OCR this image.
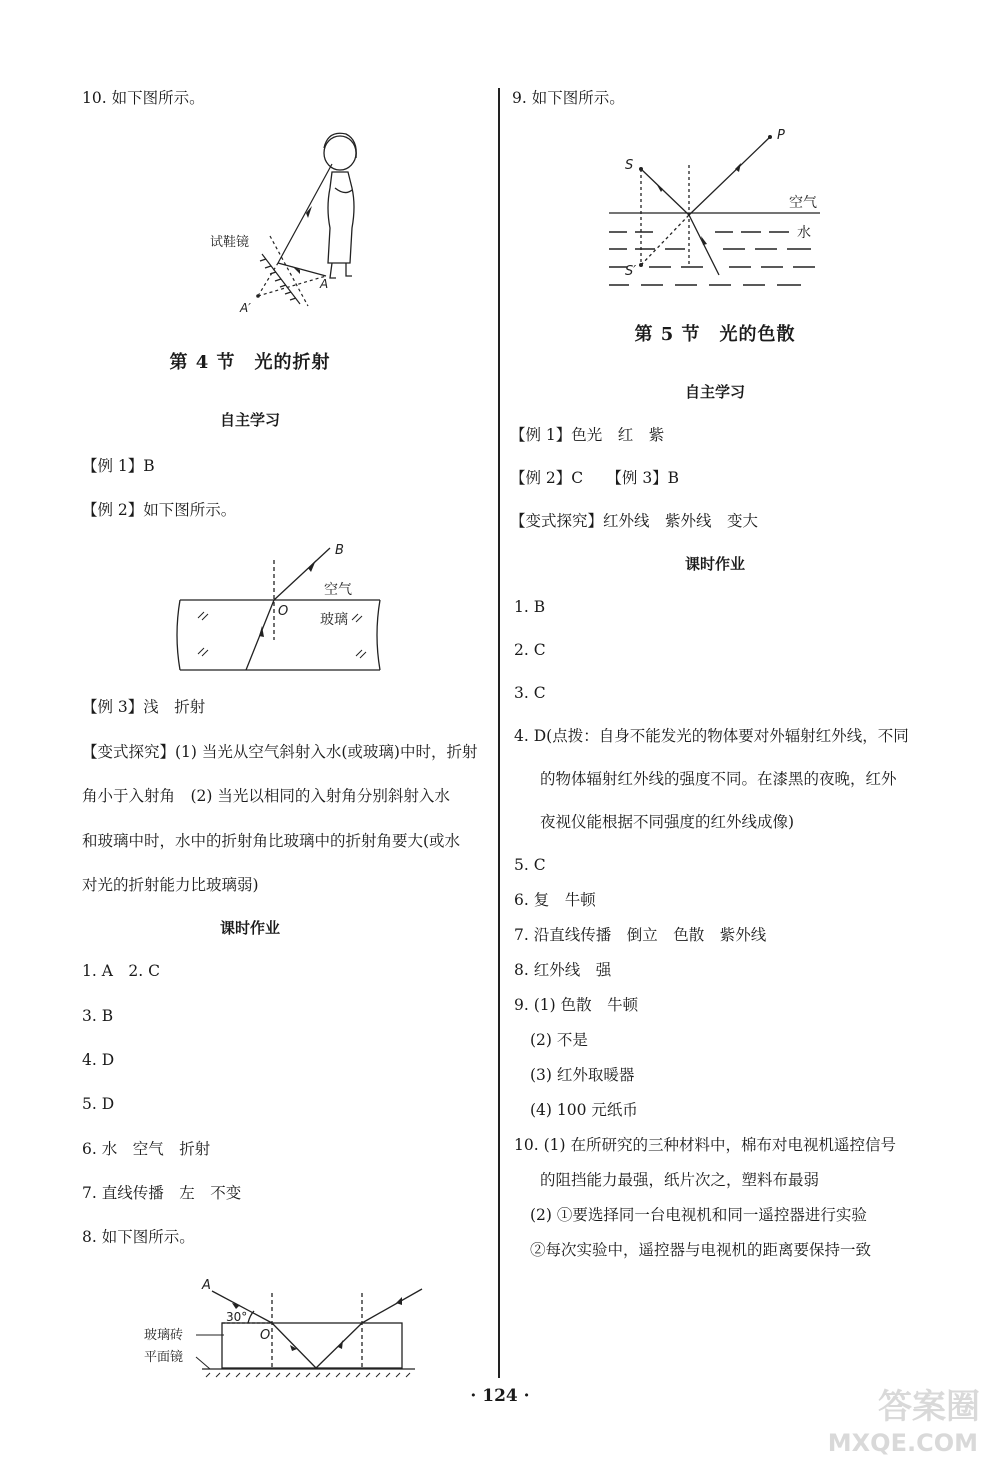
10. 如下图所示。
试鞋镜
A
A′
第 4 节　光的折射
自主学习
【例 1】B
【例 2】如下图所示。
B
O
空气
玻璃
【例 3】浅　折射
【变式探究】(1) 当光从空气斜射入水(或玻璃)中时，折射
角小于入射角　(2) 当光以相同的入射角分别斜射入水
和玻璃中时，水中的折射角比玻璃中的折射角要大(或水
对光的折射能力比玻璃弱)
课时作业
1. A　2. C
3. B
4. D
5. D
6. 水　空气　折射
7. 直线传播　左　不变
8. 如下图所示。
A
30°
O
玻璃砖
平面镜
9. 如下图所示。
S
P
S′
空气
水
第 5 节　光的色散
自主学习
【例 1】色光　红　紫
【例 2】C　　【例 3】B
【变式探究】红外线　紫外线　变大
课时作业
1. B
2. C
3. C
4. D(点拨：自身不能发光的物体要对外辐射红外线，不同
的物体辐射红外线的强度不同。在漆黑的夜晚，红外
夜视仪能根据不同强度的红外线成像)
5. C
6. 复　牛顿
7. 沿直线传播　倒立　色散　紫外线
8. 红外线　强
9. (1) 色散　牛顿
(2) 不是
(3) 红外取暖器
(4) 100 元纸币
10. (1) 在所研究的三种材料中，棉布对电视机遥控信号
的阻挡能力最强，纸片次之，塑料布最弱
(2) ①要选择同一台电视机和同一遥控器进行实验
②每次实验中，遥控器与电视机的距离要保持一致
· 124 ·	答案圈
MXQE.COM
